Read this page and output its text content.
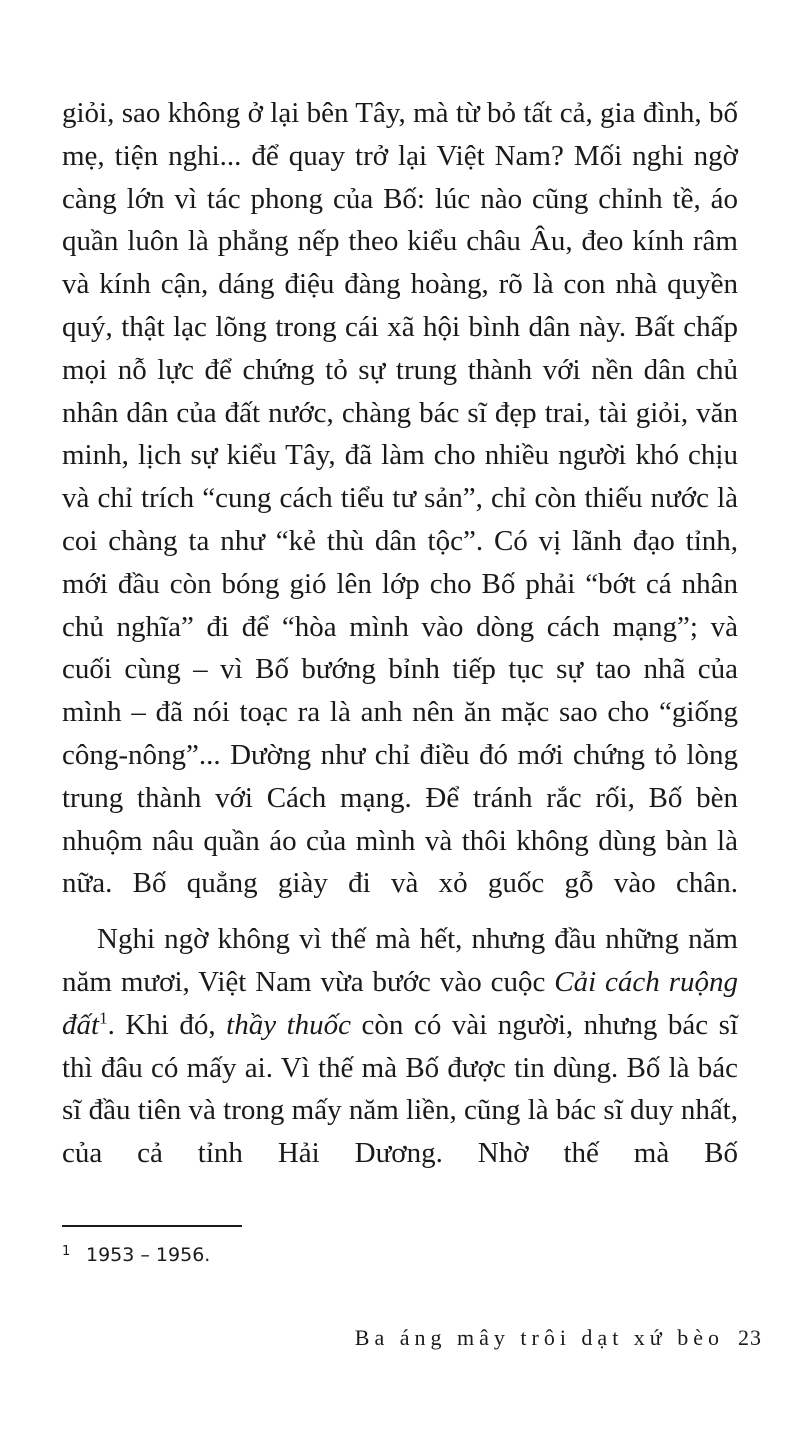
giỏi, sao không ở lại bên Tây, mà từ bỏ tất cả, gia đình, bố mẹ, tiện nghi... để quay trở lại Việt Nam? Mối nghi ngờ càng lớn vì tác phong của Bố: lúc nào cũng chỉnh tề, áo quần luôn là phẳng nếp theo kiểu châu Âu, đeo kính râm và kính cận, dáng điệu đàng hoàng, rõ là con nhà quyền quý, thật lạc lõng trong cái xã hội bình dân này. Bất chấp mọi nỗ lực để chứng tỏ sự trung thành với nền dân chủ nhân dân của đất nước, chàng bác sĩ đẹp trai, tài giỏi, văn minh, lịch sự kiểu Tây, đã làm cho nhiều người khó chịu và chỉ trích “cung cách tiểu tư sản”, chỉ còn thiếu nước là coi chàng ta như “kẻ thù dân tộc”. Có vị lãnh đạo tỉnh, mới đầu còn bóng gió lên lớp cho Bố phải “bớt cá nhân chủ nghĩa” đi để “hòa mình vào dòng cách mạng”; và cuối cùng – vì Bố bướng bỉnh tiếp tục sự tao nhã của mình – đã nói toạc ra là anh nên ăn mặc sao cho “giống công-nông”... Dường như chỉ điều đó mới chứng tỏ lòng trung thành với Cách mạng. Để tránh rắc rối, Bố bèn nhuộm nâu quần áo của mình và thôi không dùng bàn là nữa. Bố quẳng giày đi và xỏ guốc gỗ vào chân.

Nghi ngờ không vì thế mà hết, nhưng đầu những năm năm mươi, Việt Nam vừa bước vào cuộc Cải cách ruộng đất$^1$. Khi đó, thầy thuốc còn có vài người, nhưng bác sĩ thì đâu có mấy ai. Vì thế mà Bố được tin dùng. Bố là bác sĩ đầu tiên và trong mấy năm liền, cũng là bác sĩ duy nhất, của cả tỉnh Hải Dương. Nhờ thế mà Bố

1 1953 – 1956.
Ba áng mây trôi dạt xứ bèo 23
